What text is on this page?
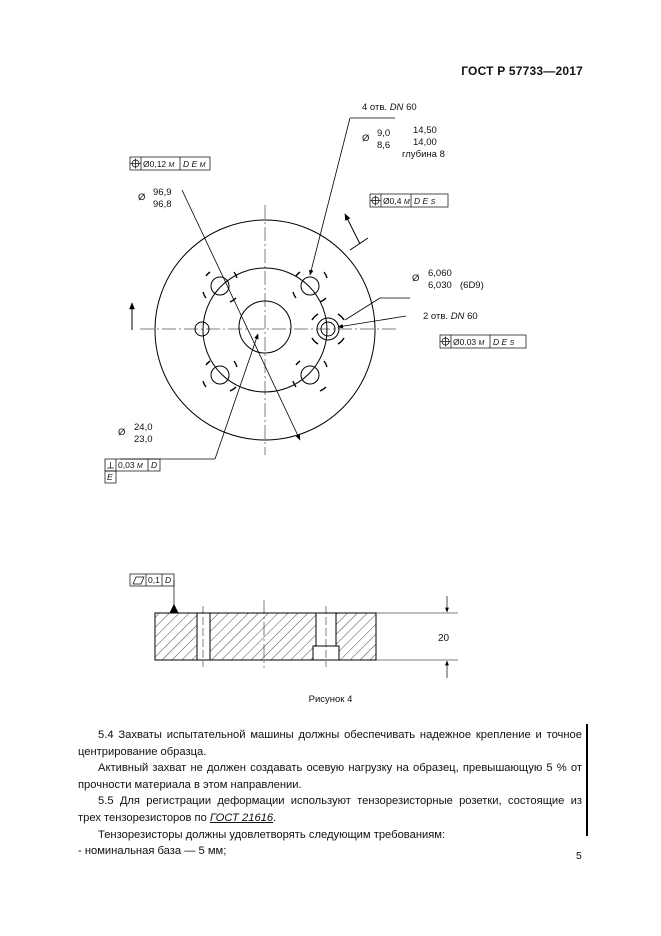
ГОСТ Р 57733—2017
4 отв. DN 60
Ø 9,0
8,6
14,50
14,00
глубина 8
Ø 96,9
96,8
Ø 6,060
6,030 (6D9)
2 отв. DN 60
Ø 24,0
23,0
Ø0,12 M D E M
Ø0,4 M D E S
Ø0.03 M D E S
0,03 M D
E
0,1 D
20
Рисунок 4

5.4 Захваты испытательной машины должны обеспечивать надежное крепление и точное центрирование образца.

Активный захват не должен создавать осевую нагрузку на образец, превышающую 5 % от прочности материала в этом направлении.

5.5 Для регистрации деформации используют тензорезисторные розетки, состоящие из трех тензорезисторов по ГОСТ 21616.

Тензорезисторы должны удовлетворять следующим требованиям:

- номинальная база — 5 мм;	5
